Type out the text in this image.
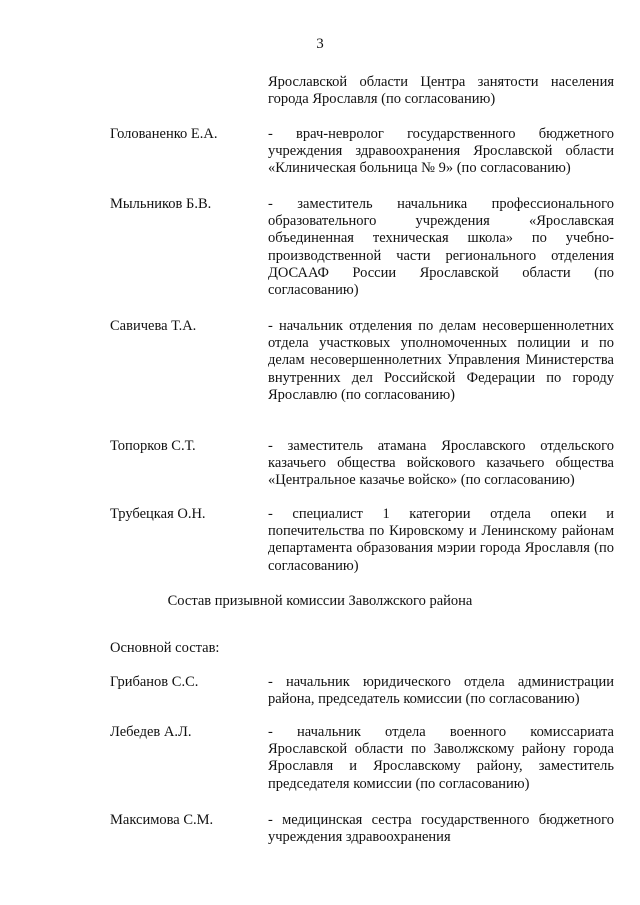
3
Ярославской области Центра занятости населения города Ярославля (по согласованию)
Голованенко Е.А.	- врач-невролог государственного бюджетного учреждения здравоохранения Ярославской области «Клиническая больница № 9» (по согласованию)
Мыльников Б.В.	- заместитель начальника профессионального образовательного учреждения «Ярославская объединенная техническая школа» по учебно-производственной части регионального отделения ДОСААФ России Ярославской области (по согласованию)
Савичева Т.А.	- начальник отделения по делам несовершеннолетних отдела участковых уполномоченных полиции и по делам несовершеннолетних Управления Министерства внутренних дел Российской Федерации по городу Ярославлю (по согласованию)
Топорков С.Т.	- заместитель атамана Ярославского отдельского казачьего общества войскового казачьего общества «Центральное казачье войско» (по согласованию)
Трубецкая О.Н.	- специалист 1 категории отдела опеки и попечительства по Кировскому и Ленинскому районам департамента образования мэрии города Ярославля (по согласованию)
Состав призывной комиссии Заволжского района
Основной состав:
Грибанов С.С.	- начальник юридического отдела администрации района, председатель комиссии (по согласованию)
Лебедев А.Л.	- начальник отдела военного комиссариата Ярославской области по Заволжскому району города Ярославля и Ярославскому району, заместитель председателя комиссии (по согласованию)
Максимова С.М.	- медицинская сестра государственного бюджетного учреждения здравоохранения
